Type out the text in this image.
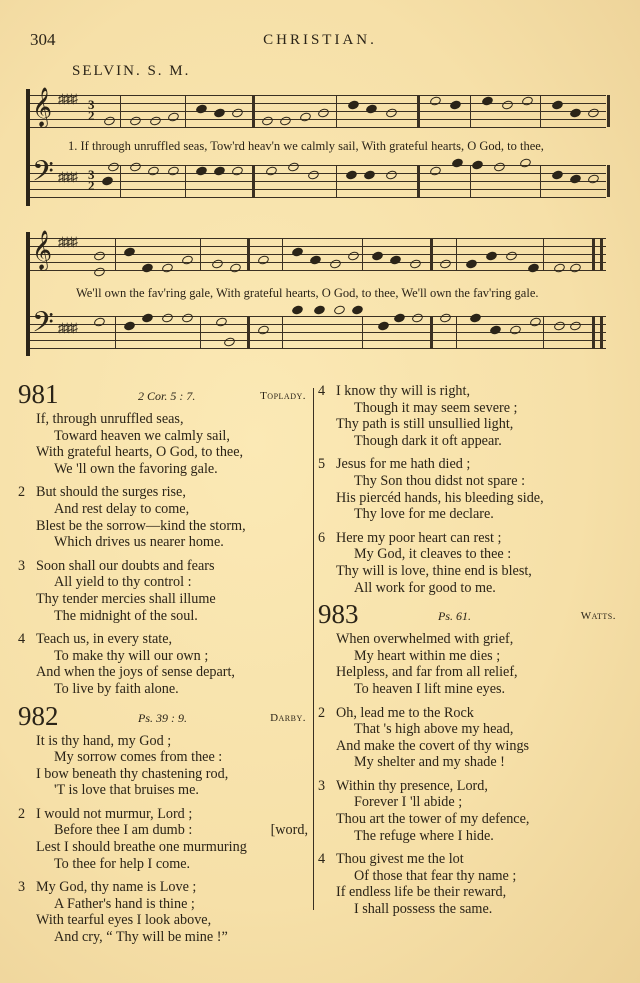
304	CHRISTIAN.
SELVIN. S. M.
𝄞 ♯♯♯♯ 3
2
1. If through unruffled seas, Tow'rd heav'n we calmly sail, With grateful hearts, O God, to thee,
𝄢 ♯♯♯♯ 3
2
𝄞 ♯♯♯♯
We'll own the fav'ring gale, With grateful hearts, O God, to thee, We'll own the fav'ring gale.
𝄢 ♯♯♯♯
981	2 Cor. 5 : 7.	Toplady.
If, through unruffled seas,
Toward heaven we calmly sail,
With grateful hearts, O God, to thee,
We 'll own the favoring gale.
2 But should the surges rise,
And rest delay to come,
Blest be the sorrow—kind the storm,
Which drives us nearer home.
3 Soon shall our doubts and fears
All yield to thy control :
Thy tender mercies shall illume
The midnight of the soul.
4 Teach us, in every state,
To make thy will our own ;
And when the joys of sense depart,
To live by faith alone.
982	Ps. 39 : 9.	Darby.
It is thy hand, my God ;
My sorrow comes from thee :
I bow beneath thy chastening rod,
'T is love that bruises me.
2 I would not murmur, Lord ;
Before thee I am dumb :	[word,
Lest I should breathe one murmuring
To thee for help I come.
3 My God, thy name is Love ;
A Father's hand is thine ;
With tearful eyes I look above,
And cry, “ Thy will be mine !”
4 I know thy will is right,
Though it may seem severe ;
Thy path is still unsullied light,
Though dark it oft appear.
5 Jesus for me hath died ;
Thy Son thou didst not spare :
His piercéd hands, his bleeding side,
Thy love for me declare.
6 Here my poor heart can rest ;
My God, it cleaves to thee :
Thy will is love, thine end is blest,
All work for good to me.
983	Ps. 61.	Watts.
When overwhelmed with grief,
My heart within me dies ;
Helpless, and far from all relief,
To heaven I lift mine eyes.
2 Oh, lead me to the Rock
That 's high above my head,
And make the covert of thy wings
My shelter and my shade !
3 Within thy presence, Lord,
Forever I 'll abide ;
Thou art the tower of my defence,
The refuge where I hide.
4 Thou givest me the lot
Of those that fear thy name ;
If endless life be their reward,
I shall possess the same.
